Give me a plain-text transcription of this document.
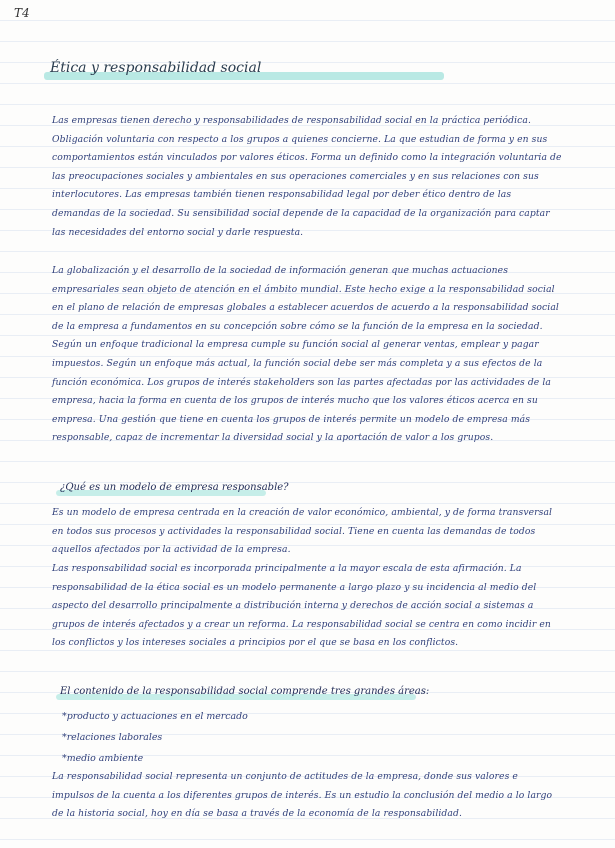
T4
Ética y responsabilidad social
Las empresas tienen derecho y responsabilidades de responsabilidad social en la práctica periódica. Obligación voluntaria con respecto a los grupos a quienes concierne. La que estudian de forma y en sus comportamientos están vinculados por valores éticos. Forma un definido como la integración voluntaria de las preocupaciones sociales y ambientales en sus operaciones comerciales y en sus relaciones con sus interlocutores. Las empresas también tienen responsabilidad legal por deber ético dentro de las demandas de la sociedad. Su sensibilidad social depende de la capacidad de la organización para captar las necesidades del entorno social y darle respuesta.
La globalización y el desarrollo de la sociedad de información generan que muchas actuaciones empresariales sean objeto de atención en el ámbito mundial. Este hecho exige a la responsabilidad social en el plano de relación de empresas globales a establecer acuerdos de acuerdo a la responsabilidad social de la empresa a fundamentos en su concepción sobre cómo se la función de la empresa en la sociedad. Según un enfoque tradicional la empresa cumple su función social al generar ventas, emplear y pagar impuestos. Según un enfoque más actual, la función social debe ser más completa y a sus efectos de la función económica. Los grupos de interés stakeholders son las partes afectadas por las actividades de la empresa, hacia la forma en cuenta de los grupos de interés mucho que los valores éticos acerca en su empresa. Una gestión que tiene en cuenta los grupos de interés permite un modelo de empresa más responsable, capaz de incrementar la diversidad social y la aportación de valor a los grupos.
¿Qué es un modelo de empresa responsable?
Es un modelo de empresa centrada en la creación de valor económico, ambiental, y de forma transversal en todos sus procesos y actividades la responsabilidad social. Tiene en cuenta las demandas de todos aquellos afectados por la actividad de la empresa.
Las responsabilidad social es incorporada principalmente a la mayor escala de esta afirmación. La responsabilidad de la ética social es un modelo permanente a largo plazo y su incidencia al medio del aspecto del desarrollo principalmente a distribución interna y derechos de acción social a sistemas a grupos de interés afectados y a crear un reforma. La responsabilidad social se centra en como incidir en los conflictos y los intereses sociales a principios por el que se basa en los conflictos.
El contenido de la responsabilidad social comprende tres grandes áreas:
*producto y actuaciones en el mercado
*relaciones laborales
*medio ambiente
La responsabilidad social representa un conjunto de actitudes de la empresa, donde sus valores e impulsos de la cuenta a los diferentes grupos de interés. Es un estudio la conclusión del medio a lo largo de la historia social, hoy en día se basa a través de la economía de la responsabilidad.
